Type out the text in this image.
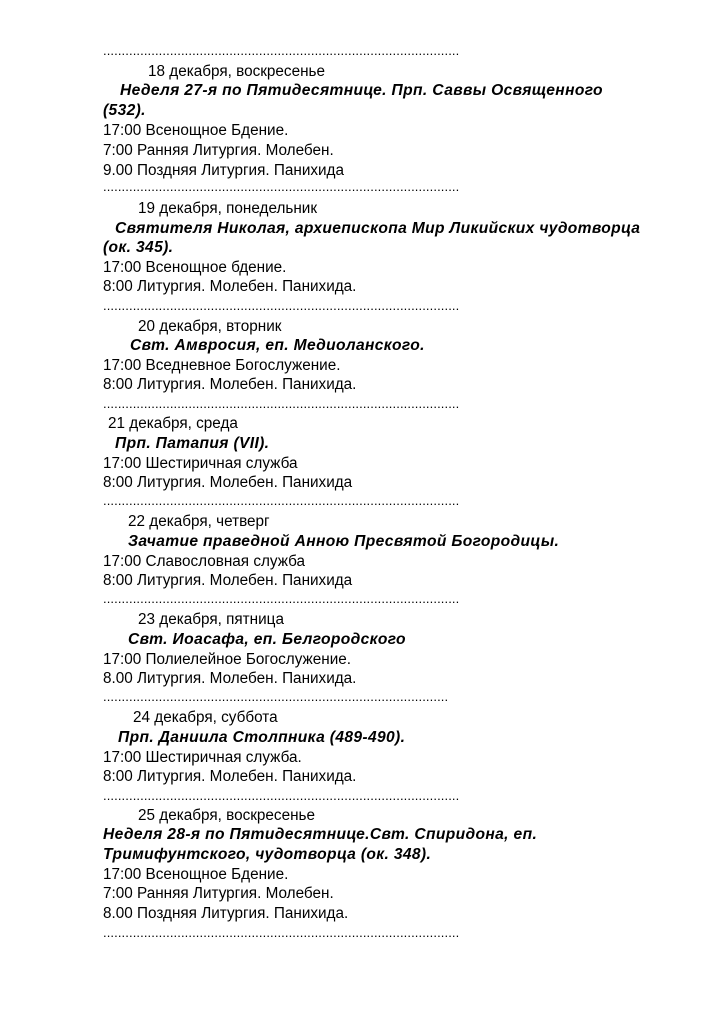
................................................................................................
18 декабря, воскресенье
Неделя 27-я по Пятидесятнице. Прп. Саввы Освященного
(532).
17:00 Всенощное Бдение.
7:00 Ранняя Литургия. Молебен.
9.00 Поздняя Литургия. Панихида
................................................................................................
19 декабря, понедельник
Святителя Николая, архиепископа Мир Ликийских чудотворца
(ок. 345).
17:00 Всенощное бдение.
8:00 Литургия. Молебен. Панихида.
................................................................................................
20 декабря, вторник
Свт. Амвросия, еп. Медиоланского.
17:00 Вседневное Богослужение.
8:00 Литургия. Молебен. Панихида.
................................................................................................
21 декабря, среда
Прп. Патапия (VII).
17:00 Шестиричная служба
8:00 Литургия. Молебен. Панихида
................................................................................................
22 декабря, четверг
Зачатие праведной Анною Пресвятой Богородицы.
17:00 Славословная служба
8:00 Литургия. Молебен. Панихида
................................................................................................
23 декабря, пятница
Свт. Иоасафа, еп. Белгородского
17:00 Полиелейное Богослужение.
8.00 Литургия. Молебен. Панихида.
.............................................................................................
24 декабря, суббота
Прп. Даниила Столпника (489-490).
17:00 Шестиричная служба.
8:00 Литургия. Молебен. Панихида.
................................................................................................
25 декабря, воскресенье
Неделя 28-я по Пятидесятнице.Свт. Спиридона, еп.
Тримифунтского, чудотворца (ок. 348).
17:00 Всенощное Бдение.
7:00 Ранняя Литургия. Молебен.
8.00 Поздняя Литургия. Панихида.
................................................................................................
